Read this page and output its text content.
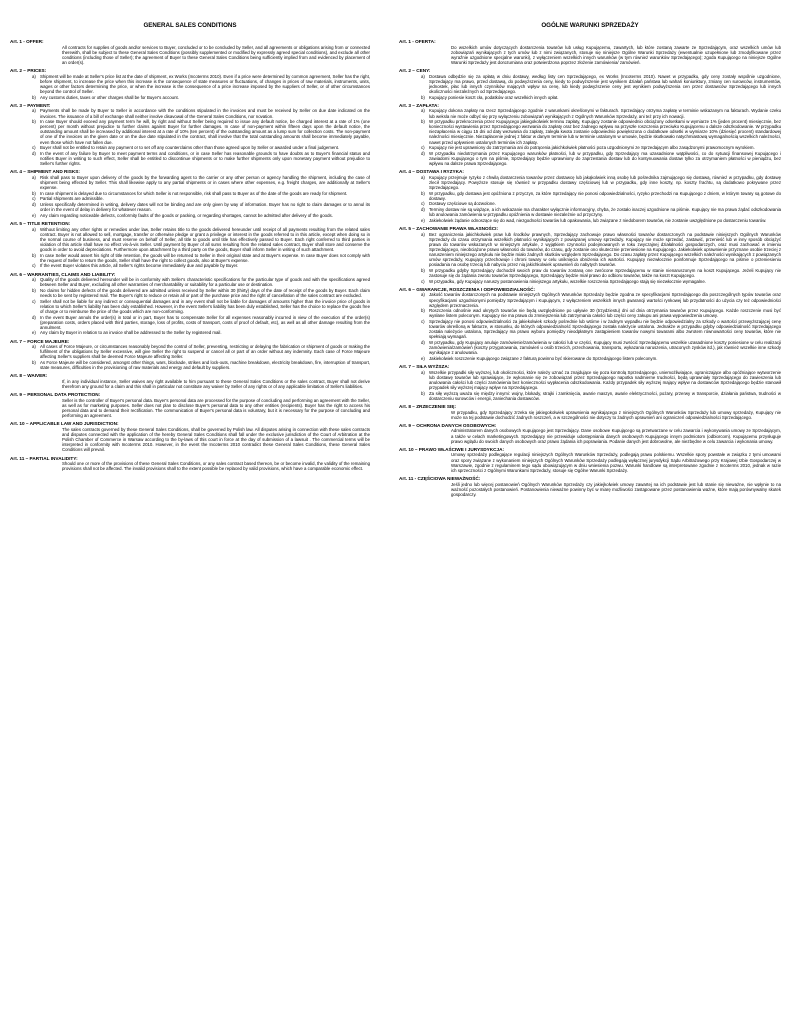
GENERAL SALES CONDITIONS
Art. 1 - OFFER:
All contracts for supplies of goods and/or services to Buyer, concluded or to be concluded by Seller, and all agreements or obligations arising from or connected therewith, shall be subject to these General Sales Conditions (possibly supplemented or modified by expressly agreed special conditions), and exclude all other conditions (including those of Seller); the agreement of Buyer to these General Sales Conditions being sufficiently implied from and evidenced by placement of an order(s).
Art. 2 – PRICES:
a) Shipment will be made at Seller's price list at the date of shipment, ex Works (Incoterms 2010). Even if a price were determined by common agreement, Seller has the right, before shipment, to increase the price when this increase is the consequence of state measures or fluctuations, of changes in prices of raw materials, instruments, units, wages or other factors determining the price, or when the increase is the consequence of a price increase imposed by the suppliers of Seller, or of other circumstances beyond the control of Seller.
b) Any customs duties, taxes or other charges shall be for Buyer's account.
Art. 3 – PAYMENT:
a) Payments shall be made by Buyer to Seller in accordance with the conditions stipulated in the invoices and must be received by Seller on due date indicated on the invoices. The issuance of a bill of exchange shall neither involve disavowal of the General Sales Conditions, nor novation.
b) In case Buyer should exceed any payment term he will, by right and without Seller being required to issue any default notice, be charged interest at a rate of 1% (one percent) per month without prejudice to further claims against Buyer for further damages. In case of non-payment within fifteen days upon the default notice, the outstanding amount shall be increased by additional interest at a rate of 10% (ten percent) of the outstanding amount as a lump sum for collection costs. The non-payment of one of the invoices on the given date or on the due date stipulated in the contract, shall involve that the total outstanding amounts shall become immediately payable, even those which have not fallen due.
c)	Buyer shall not be entitled to retain any payment or to set off any counterclaims other than those agreed upon by Seller or awarded under a final judgement.
d) In the event of any failure by Buyer to meet payment terms and conditions, or in case Seller has reasonable grounds to have doubts as to Buyer's financial status and notifies Buyer in writing to such effect, Seller shall be entitled to discontinue shipments or to make further shipments only upon monetary payment without prejudice to Seller's further rights.
Art. 4 – SHIPMENT AND RISKS:
a) Risk shall pass to Buyer upon delivery of the goods by the forwarding agent to the carrier or any other person or agency handling the shipment, including the case of shipment being effected by Seller. This shall likewise apply to any partial shipments or in cases where other expenses, e.g. freight charges, are additionally at Seller's expense.
b) In case shipment is delayed due to circumstances for which Seller is not responsible, risk shall pass to Buyer as of the date of the goods are ready for shipment.
c)	Partial shipments are admissible.
d) Unless specifically determined in writing, delivery dates will not be binding and are only given by way of information. Buyer has no right to claim damages or to annul its order in the event of delay in delivery for whatever reason.
e) Any claim regarding noticeable defects, conformity faults of the goods or packing, or regarding shortages, cannot be admitted after delivery of the goods.
Art. 5 – TITLE RETENTION:
a) Without limiting any other rights or remedies under law, Seller retains title to the goods delivered hereunder until receipt of all payments resulting from the related sales contract. Buyer is not allowed to sell, mortgage, transfer or otherwise pledge or grant a privilege or interest in the goods referred to in this article, except when doing so in the normal course of business, and must reserve on behalf of Seller, all title to goods until title has effectively passed to Buyer. Each right conferred to third parties in violation of this article shall have no effect vis-à-vis Seller. Until payment by Buyer of all sums resulting from the related sales contract, Buyer shall store and conserve the goods in order to avoid depreciations. Furthermore upon attachment by a third party on the goods, Buyer shall inform Seller in writing of such attachment.
b) In case Seller would assert his right of title retention, the goods will be returned to Seller in their original state and at Buyer's expense. In case Buyer does not comply with the request of Seller to return the goods, Seller shall have the right to collect goods, also at Buyer's expense.
c)	If the event Buyer violates this article, all Seller's rights become immediately due and payable by Buyer.
Art. 6 – WARRANTIES, CLAIMS AND LIABILITY:
a) Quality of the goods delivered hereunder will be in conformity with Seller's characteristic specifications for the particular type of goods and with the specifications agreed between Seller and Buyer, excluding all other warranties of merchantability or suitability for a particular use or destination.
b) No claims for hidden defects of the goods delivered are admitted unless received by Seller within 30 (thirty) days of the date of receipt of the goods by Buyer. Each claim needs to be sent by registered mail. The Buyer's right to reduce or retain all or part of the purchase price and the right of cancellation of the sales contract are excluded.
c)	Seller shall not be liable for any indirect or consequential damages and in any event shall not be liable for damages of amounts higher than the invoice price of goods in relation to which Seller's liability has been duly established. However, in the event Seller's liability has been duly established, Seller has the choice to replace the goods free of charge or to reimburse the price of the goods which are non-conforming.
d) In the event Buyer annuls the order(s) in total or in part, Buyer has to compensate Seller for all expenses reasonably incurred in view of the execution of the order(s) (preparation costs, orders placed with third parties, storage, loss of profits, costs of transport, costs of proof of default, etc), as well as all other damage resulting from the annulment.
e) Any claim by Buyer in relation to an invoice shall be addressed to the Seller by registered mail.
Art. 7 – FORCE MAJEURE:
a) All cases of Force Majeure, or circumstances reasonably beyond the control of Seller, preventing, restricting or delaying the fabrication or shipment of goods or making the fulfilment of the obligations by Seller excessive, will give Seller the right to suspend or cancel all or part of an order without any indemnity. Each case of Force Majeure affecting Seller's suppliers shall be deemed Force Majeure affecting Seller.
b) As Force Majeure will be considered, amongst other things, wars, blockade, strikes and lock-outs, machine breakdown, electricity breakdown, fire, interruption of transport, state measures, difficulties in the provisioning of raw materials and energy and default by suppliers.
Art. 8 – WAIVER:
If, in any individual instance, Seller waives any right available to him pursuant to these General Sales Conditions or the sales contract, Buyer shall not derive therefrom any ground for a claim and this shall in particular not constitute any waiver by Seller of any rights or of any applicable limitation of Seller's liabilities.
Art. 9 – PERSONAL DATA PROTECTION:
Seller is the controller of Buyer's personal data. Buyer's personal data are processed for the purpose of concluding and performing an agreement with the Seller, as well as for marketing purposes. Seller does not plan to disclose Buyer's personal data to any other entities (recipients). Buyer has the right to access his personal data and to demand their rectification. The communication of Buyer's personal data is voluntary, but it is necessary for the purpose of concluding and performing an agreement.
Art. 10 – APPLICABLE LAW AND JURISDICTION:
The sales contracts governed by these General Sales Conditions, shall be governed by Polish law. All disputes arising in connection with these sales contracts and disputes connected with the application of the hereby General Sales Conditions shall fall under the exclusive jurisdiction of the Court of Arbitration at the Polish Chamber of Commerce in Warsaw according to the by-laws of this court in force at the day of submission of a lawsuit . The commercial terms will be interpreted in conformity with Incoterms 2010. However, in the event the Incoterms 2010 contradict these General Sales Conditions, these General Sales Conditions will prevail.
Art. 11 – PARTIAL INVALIDITY:
Should one or more of the provisions of these General Sales Conditions, or any sales contract based thereon, be or become invalid, the validity of the remaining provisions shall not be affected. The invalid provisions shall to the extent possible be replaced by valid provisions, which have a comparable economic effect.
OGÓLNE WARUNKI SPRZEDAŻY
Art. 1 - OFERTA:
Do wszelkich umów dotyczących dostarczenia towarów lub usług Kupującemu, zawartych, lub które zostaną zawarte ze Sprzedającym, oraz wszelkich umów lub zobowiązań wynikających z tych umów lub z nimi związanych, stosuje się niniejsze Ogólne Warunki Sprzedaży (ewentualnie uzupełnione lub zmodyfikowane przez wyraźnie uzgodnione specjalne warunki), z wyłączeniem wszelkich innych warunków (w tym również warunków Sprzedającego); zgoda Kupującego na niniejsze Ogólne Warunki Sprzedaży jest dorozumiana oraz potwierdzona poprzez złożenie zamówienia/ zamówień.
Art. 2 – CENY:
a) Dostawa odbędzie się za opłatą w dniu dostawy, według listy cen Sprzedającego, ex Works (Incoterms 2010). Nawet w przypadku, gdy ceny zostały wspólnie uzgodnione, Sprzedający ma prawo, przed dostawą, do podwyższenia ceny, kiedy to podwyższenie jest wynikiem działań państwa lub wahań koniunktury, zmiany cen surowców, instrumentów, jednostek, płac lub innych czynników mających wpływ na cenę, lub kiedy podwyższenie ceny jest wynikiem podwyższenia cen przez dostawców Sprzedającego lub innych okoliczności niezależnych od Sprzedającego.
b) Kupujący poniesie koszt cła, podatków oraz wszelkich innych opłat.
Art. 3 – ZAPŁATA:
a) Kupujący dokona zapłaty na rzecz Sprzedającego zgodnie z warunkami określonymi w fakturach. Sprzedający otrzyma zapłatę w terminie wskazanym na fakturach. Wydanie czeku lub weksla nie może odbyć się przy wyłączeniu zobowiązań wynikających z Ogólnych Warunków Sprzedaży, ani też przy ich nowacji.
b) W przypadku przekroczenia przez Kupującego jakiegokolwiek terminu zapłaty, Kupujący zostanie odpowiednio obciążony odsetkami w wymiarze 1% (jeden procent) miesięcznie, bez konieczności wystawienia przez Sprzedającego wezwania do zapłaty oraz bez żadnego wpływu na przyszłe roszczenia przeciwko Kupującemu o dalsze odszkodowanie. W przypadku niezapłacenia w ciągu 15 dni od daty wezwania do zapłaty, zaległa kwota zostanie odpowiednio powiększona o dodatkowe odsetki w wymiarze 10% (dziesięć procent) standardowej należności miesięcznie. Niezapłacenie jednej z faktur w danym terminie lub w terminie ustalonym w umowie, będzie skutkowało natychmiastową wymagalnością wszelkich należności, nawet przed upływniem ustalonych terminów ich zapłaty.
c)	Kupujący nie jest uprawniony do zatrzymania ani do potrącenia jakichkolwiek płatności poza uzgodnionymi ze Sprzedającym albo zasądzonymi prawomocnym wyrokiem.
d) W przypadku niedotrzymania przez Kupującego warunków płatności, lub w przypadku, gdy Sprzedający ma uzasadnione wątpliwości, co do sytuacji finansowej Kupującego i zawiadomi Kupującego o tym na piśmie, Sprzedający będzie uprawniony do zaprzestania dostaw lub do kontynuowania dostaw tylko za otrzymaniem płatności w pieniądzu, bez wpływu na dalsze prawa Sprzedającego.
Art. 4 – DOSTAWA I RYZYKA:
a) Kupujący przejmuje ryzyko z chwilą dostarczenia towarów przez dostawcę lub jakąkolwiek inną osobę lub pośrednika zajmującego się dostawą, również w przypadku, gdy dostawę zlecił Sprzedający. Powyższe stosuje się również w przypadku dostawy częściowej lub w przypadku, gdy inne koszty, np. koszty frachtu, są dodatkowo pokrywane przez Sprzedającego.
b) W przypadku, gdy dostawa jest opóźniona z przyczyn, za które Sprzedający nie ponosi odpowiedzialności, ryzyko przechodzi na Kupującego z dniem, w którym towary są gotowe do dostawy.
c)	Dostawy częściowe są dozwolone.
d) Terminy dostaw nie są wiążące, a ich wskazanie ma charakter wyłącznie informacyjny, chyba, że zostało inaczej uzgodnione na piśmie. Kupujący nie ma prawa żądać odszkodowania lub anulowania zamówienia w przypadku opóźnienia w dostawie niezależnie od przyczyny.
e) Jakiekolwiek żądanie odnoszące się do wad, niezgodności towarów lub opakowania, lub związane z niedoborem towarów, nie zostanie uwzględnione po dostarczeniu towarów.
Art. 5 – ZACHOWANIE PRAWA WŁASNOŚCI:
a) Bez ograniczenia jakichkolwiek praw lub środków prawnych, Sprzedający zachowuje prawo własności towarów dostarczonych na podstawie niniejszych Ogólnych Warunków Sprzedaży do czasu otrzymania wszelkich płatności wynikających z powiązanej umowy sprzedaży. Kupujący nie może sprzedać, zastawić, przenieść lub w inny sposób obciążyć prawa do towarów wskazanych w niniejszym artykule, z wyjątkiem czynności podejmowanych w toku zwyczajnej działalności gospodarczych, oraz musi zachować w imieniu Sprzedającego, nieobciążone prawo własności do towarów, do czasu, gdy zostanie ono skutecznie przeniesione na Kupującego. Jakiekolwiek uprawnienie przyznane osobie trzeciej z naruszeniem niniejszego artykułu nie będzie miało żadnych skutków względem Sprzedającego. Do czasu zapłaty przez Kupującego wszelkich należności wynikających z powiązanych umów sprzedaży, Kupujący przechowuje i chroni towary w celu uniknięcia obniżenia ich wartości. Kupujący niezwłocznie poinformuje Sprzedającego na piśmie o przeniesieniu posiadania na osobę trzecią lub nabyciu przez nią jakichkolwiek uprawnień do nabytych towarów.
b) W przypadku gdyby Sprzedający dochodził swoich praw do towarów zostaną one zwrócone Sprzedającemu w stanie nienaruszonym na koszt Kupującego. Jeżeli Kupujący nie zastosuje się do żądania zwrotu towarów Sprzedającego, Sprzedający będzie miał prawo do odbioru towarów, także na koszt Kupującego.
c)	W przypadku, gdy Kupujący naruszy postanowienia niniejszego artykułu, wszelkie roszczenia Sprzedającego stają się niezwłocznie wymagalne.
Art. 6 – GWARANCJE, ROSZCZENIA I ODPOWIEDZIALNOŚĆ:
a) Jakość towarów dostarczonych na podstawie niniejszych Ogólnych Warunków Sprzedaży będzie zgodna ze specyfikacjami Sprzedającego dla poszczególnych typów towarów oraz specyfikacjami uzgodnionymi pomiędzy Sprzedającym i Kupującym, z wyłączeniem wszelkich innych gwarancji wartości rynkowej lub przydatności do użycia czy też odpowiedniości względem przeznaczenia.
b) Roszczenia odnośnie wad ukrytych towarów nie będą uwzględnione po upływie 30 (trzydziestu) dni od dnia otrzymania towarów przez Kupującego. Każde roszczenie musi być wysłane listem poleconym. Kupujący nie ma prawa do zmniejszenia lub zatrzymania całości lub części ceny zakupu ani prawa wypowiedzenia umowy.
c)	Sprzedający nie ponosi odpowiedzialności za jakiekolwiek szkody pośrednie lub wtórne i w żadnym wypadku nie będzie odpowiedzialny za szkody o wartości przewyższającej cenę towarów określoną w fakturze, w stosunku, do których odpowiedzialność Sprzedającego została należycie ustalona. Jednakże w przypadku gdyby odpowiedzialność Sprzedającego została należycie ustalona, Sprzedający ma prawo wyboru pomiędzy nieodpłatnym zastąpieniem towarów nowymi towarami albo zwrotem równowartości ceny towarów, które nie spełniają wymagań.
d) W przypadku, gdy Kupujący anuluje zamówienie/zamówienia w całości lub w części, Kupujący musi zwrócić Sprzedającemu wszelkie uzasadnione koszty poniesione w celu realizacji zamówienia/zamówień (koszty przygotowania, zamówień u osób trzecich, przechowania, transportu, wykazania naruszenia, utraconych zysków itd.), jak również wszelkie inne szkody wynikające z anulowania.
e) Jakiekolwiek roszczenie Kupującego związane z fakturą powinno być skierowane do Sprzedającego listem poleconym.
Art. 7 – SIŁA WYŻSZA:
a) Wszelkie przypadki siły wyższej, lub okoliczności, które należy uznać za znajdujące się poza kontrolą Sprzedającego, uniemożliwiające, ograniczające albo opóźniające wytworzenie lub dostawę towarów lub sprawiające, że wykonanie się ze zobowiązań przez Sprzedającego napotka nadmierne trudności, będą uprawniały Sprzedającego do zawieszenia lub anulowania całości lub części zamówienia bez konieczności wypłacenia odszkodowania. Każdy przypadek siły wyższej mający wpływ na dostawców Sprzedającego będzie stanowił przypadek siły wyższej mający wpływ na Sprzedającego.
b) Za siłę wyższą uważa się między innymi: wojny, blokady, strajki i zamknięcia, awarie maszyn, awarie elektryczności, pożary, przerwy w transporcie, działania państwa, trudności w dostarczeniu surowców i energii, zaniechania dostawców.
Art. 8 – ZRZECZENIE SIĘ:
W przypadku, gdy Sprzedający zrzeka się jakiegokolwiek uprawnienia wynikającego z niniejszych Ogólnych Warunków Sprzedaży lub umowy sprzedaży, Kupujący nie może na tej podstawie dochodzić żadnych roszczeń, a w szczególności nie dotyczy to żadnych uprawnień ani ograniczeń odpowiedzialności Sprzedającego.
Art. 9 – OCHRONA DANYCH OSOBOWYCH:
Administratorem danych osobowych Kupującego jest Sprzedający. Dane osobowe Kupującego są przetwarzane w celu zawarcia i wykonywania umowy ze Sprzedającym, a także w celach marketingowych. Sprzedający nie przewiduje udostępniania danych osobowych Kupującego innym podmiotom (odbiorcom). Kupującemu przysługuje prawo wglądu do swoich danych osobowych oraz prawo żądania ich poprawiania. Podanie danych jest dobrowolne, ale niezbędne w celu zawarcia i wykonania umowy.
Art. 10 – PRAWO WŁAŚCIWE I JURYSDYKCJA:
Umowy sprzedaży podlegające regulacji niniejszych Ogólnych Warunków Sprzedaży, podlegają prawu polskiemu. Wszelkie spory powstałe w związku z tymi umowami oraz spory związane z wykonaniem niniejszych Ogólnych Warunków Sprzedaży podlegają wyłącznej jurysdykcji Sądu Arbitrażowego przy Krajowej Izbie Gospodarczej w Warszawie, zgodnie z regulaminem tego sądu obowiązującym w dniu wniesienia pozwu. Warunki handlowe są interpretowane zgodnie z Incoterms 2010, jednak w razie ich sprzeczności z Ogólnymi Warunkami Sprzedaży, stosuje się Ogólne Warunki Sprzedaży.
Art. 11 - CZĘŚCIOWA NIEWAŻNOŚĆ:
Jeśli jedno lub więcej postanowień Ogólnych Warunków Sprzedaży czy jakiejkolwiek umowy zawartej na ich podstawie jest lub stanie się nieważne, nie wpłynie to na ważność pozostałych postanowień. Postanowienia nieważne powinny być w miarę możliwości zastąpowane przez postanowienia ważne, które mają porównywalny skutek gospodarczy.
